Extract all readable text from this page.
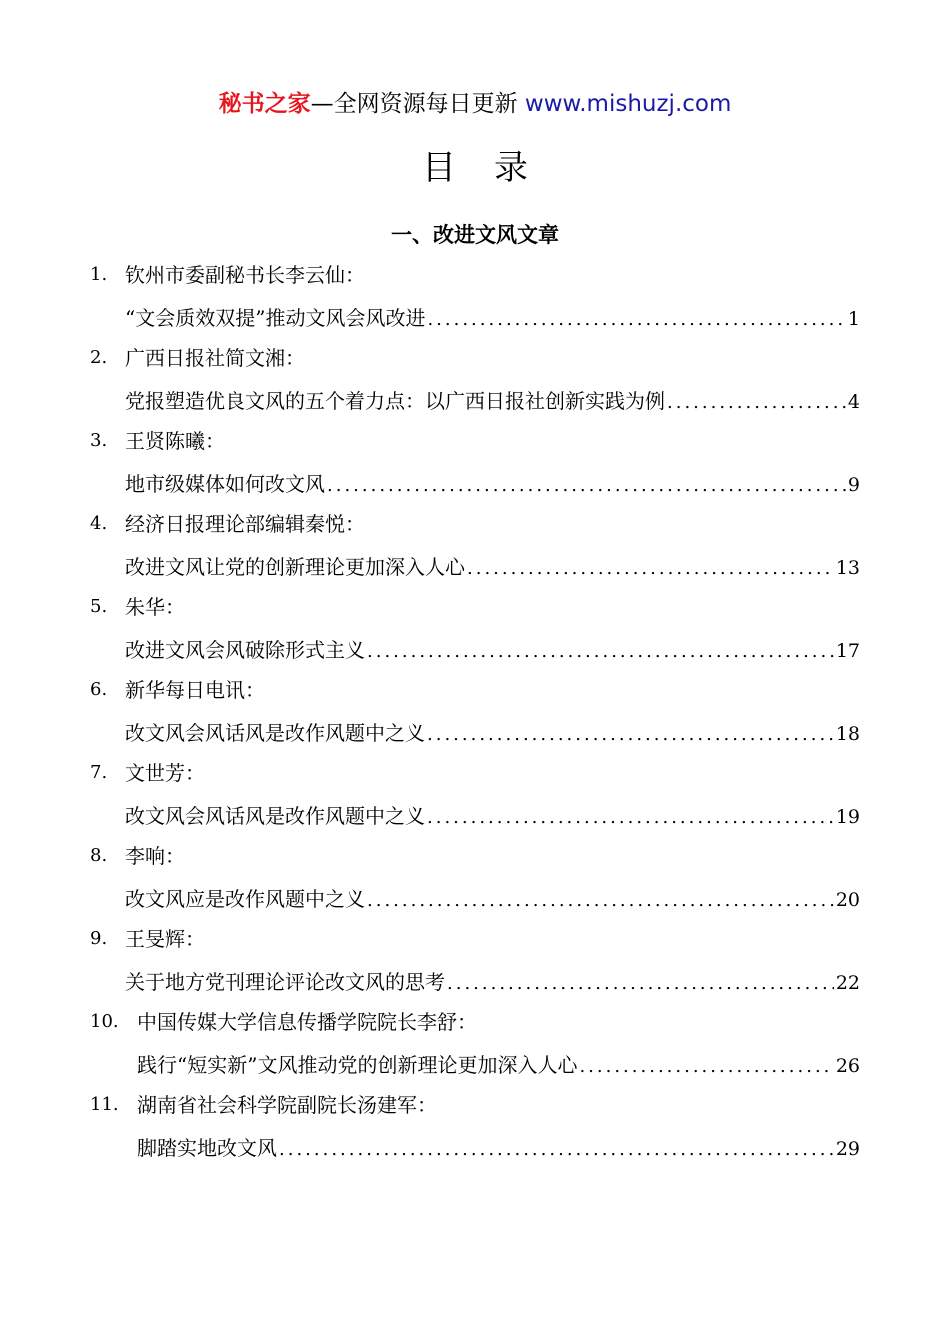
秘书之家—全网资源每日更新 www.mishuzj.com
目录
一、改进文风文章
1. 钦州市委副秘书长李云仙：
“文会质效双提”推动文风会风改进 .....	1
2. 广西日报社简文湘：
党报塑造优良文风的五个着力点：以广西日报社创新实践为例 .....	4
3. 王贤陈曦：
地市级媒体如何改文风 .....	9
4. 经济日报理论部编辑秦悦：
改进文风让党的创新理论更加深入人心 .....	13
5. 朱华：
改进文风会风破除形式主义 .....	17
6. 新华每日电讯：
改文风会风话风是改作风题中之义 .....	18
7. 文世芳：
改文风会风话风是改作风题中之义 .....	19
8. 李响：
改文风应是改作风题中之义 .....	20
9. 王旻辉：
关于地方党刊理论评论改文风的思考 .....	22
10. 中国传媒大学信息传播学院院长李舒：
践行“短实新”文风推动党的创新理论更加深入人心 .....	26
11. 湖南省社会科学院副院长汤建军：
脚踏实地改文风 .....	29
